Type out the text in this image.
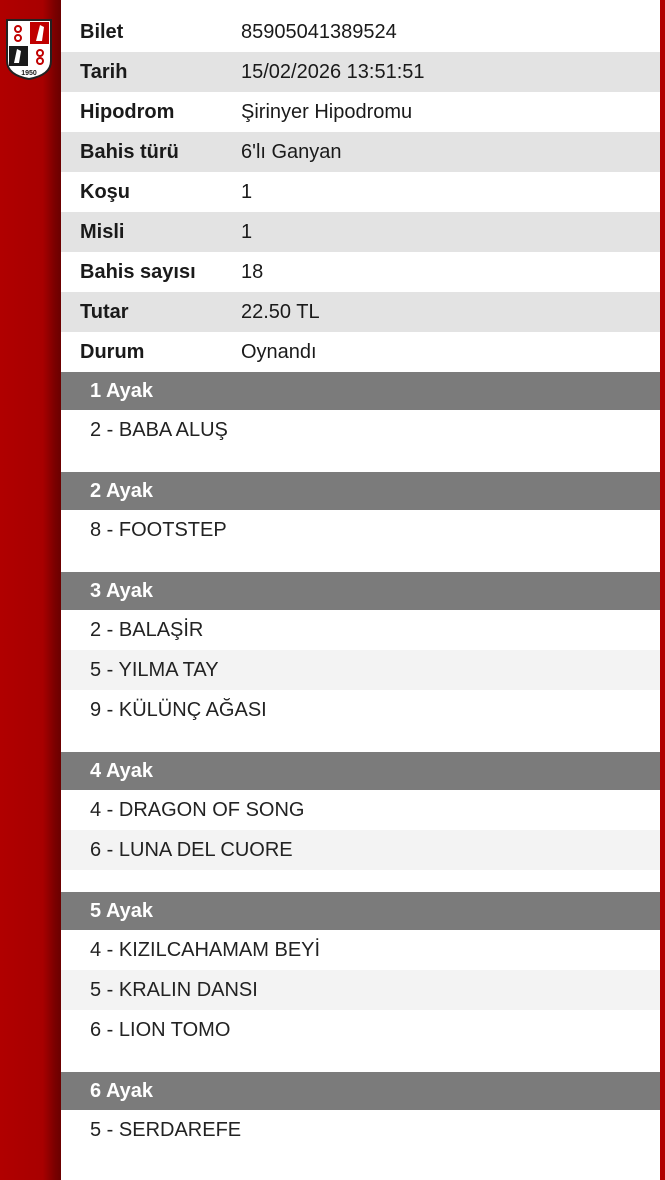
1950
Bilet	85905041389524
Tarih	15/02/2026 13:51:51
Hipodrom	Şirinyer Hipodromu
Bahis türü	6'lı Ganyan
Koşu	1
Misli	1
Bahis sayısı	18
Tutar	22.50 TL
Durum	Oynandı
1 Ayak
2 - BABA ALUŞ
2 Ayak
8 - FOOTSTEP
3 Ayak
2 - BALAŞİR
5 - YILMA TAY
9 - KÜLÜNÇ AĞASI
4 Ayak
4 - DRAGON OF SONG
6 - LUNA DEL CUORE
5 Ayak
4 - KIZILCAHAMAM BEYİ
5 - KRALIN DANSI
6 - LION TOMO
6 Ayak
5 - SERDAREFE
